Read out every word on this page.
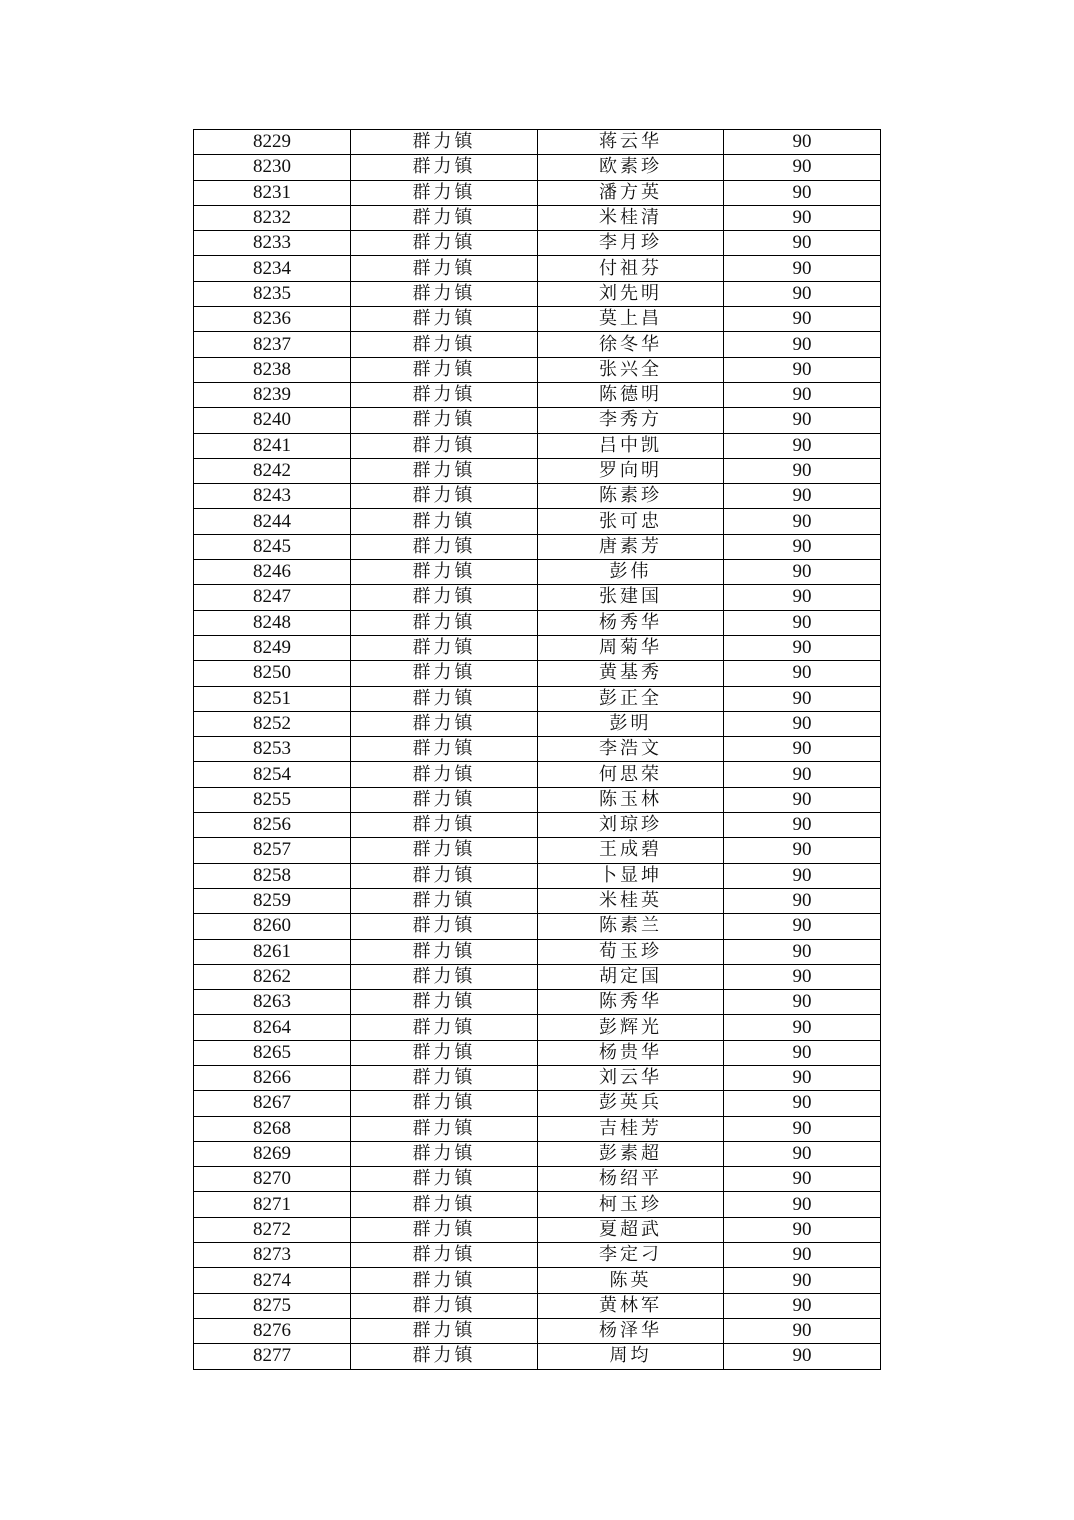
8229	群力镇	蒋云华	90
8230	群力镇	欧素珍	90
8231	群力镇	潘方英	90
8232	群力镇	米桂清	90
8233	群力镇	李月珍	90
8234	群力镇	付祖芬	90
8235	群力镇	刘先明	90
8236	群力镇	莫上昌	90
8237	群力镇	徐冬华	90
8238	群力镇	张兴全	90
8239	群力镇	陈德明	90
8240	群力镇	李秀方	90
8241	群力镇	吕中凯	90
8242	群力镇	罗向明	90
8243	群力镇	陈素珍	90
8244	群力镇	张可忠	90
8245	群力镇	唐素芳	90
8246	群力镇	彭伟	90
8247	群力镇	张建国	90
8248	群力镇	杨秀华	90
8249	群力镇	周菊华	90
8250	群力镇	黄基秀	90
8251	群力镇	彭正全	90
8252	群力镇	彭明	90
8253	群力镇	李浩文	90
8254	群力镇	何思荣	90
8255	群力镇	陈玉林	90
8256	群力镇	刘琼珍	90
8257	群力镇	王成碧	90
8258	群力镇	卜显坤	90
8259	群力镇	米桂英	90
8260	群力镇	陈素兰	90
8261	群力镇	荀玉珍	90
8262	群力镇	胡定国	90
8263	群力镇	陈秀华	90
8264	群力镇	彭辉光	90
8265	群力镇	杨贵华	90
8266	群力镇	刘云华	90
8267	群力镇	彭英兵	90
8268	群力镇	吉桂芳	90
8269	群力镇	彭素超	90
8270	群力镇	杨绍平	90
8271	群力镇	柯玉珍	90
8272	群力镇	夏超武	90
8273	群力镇	李定刁	90
8274	群力镇	陈英	90
8275	群力镇	黄林军	90
8276	群力镇	杨泽华	90
8277	群力镇	周均	90
